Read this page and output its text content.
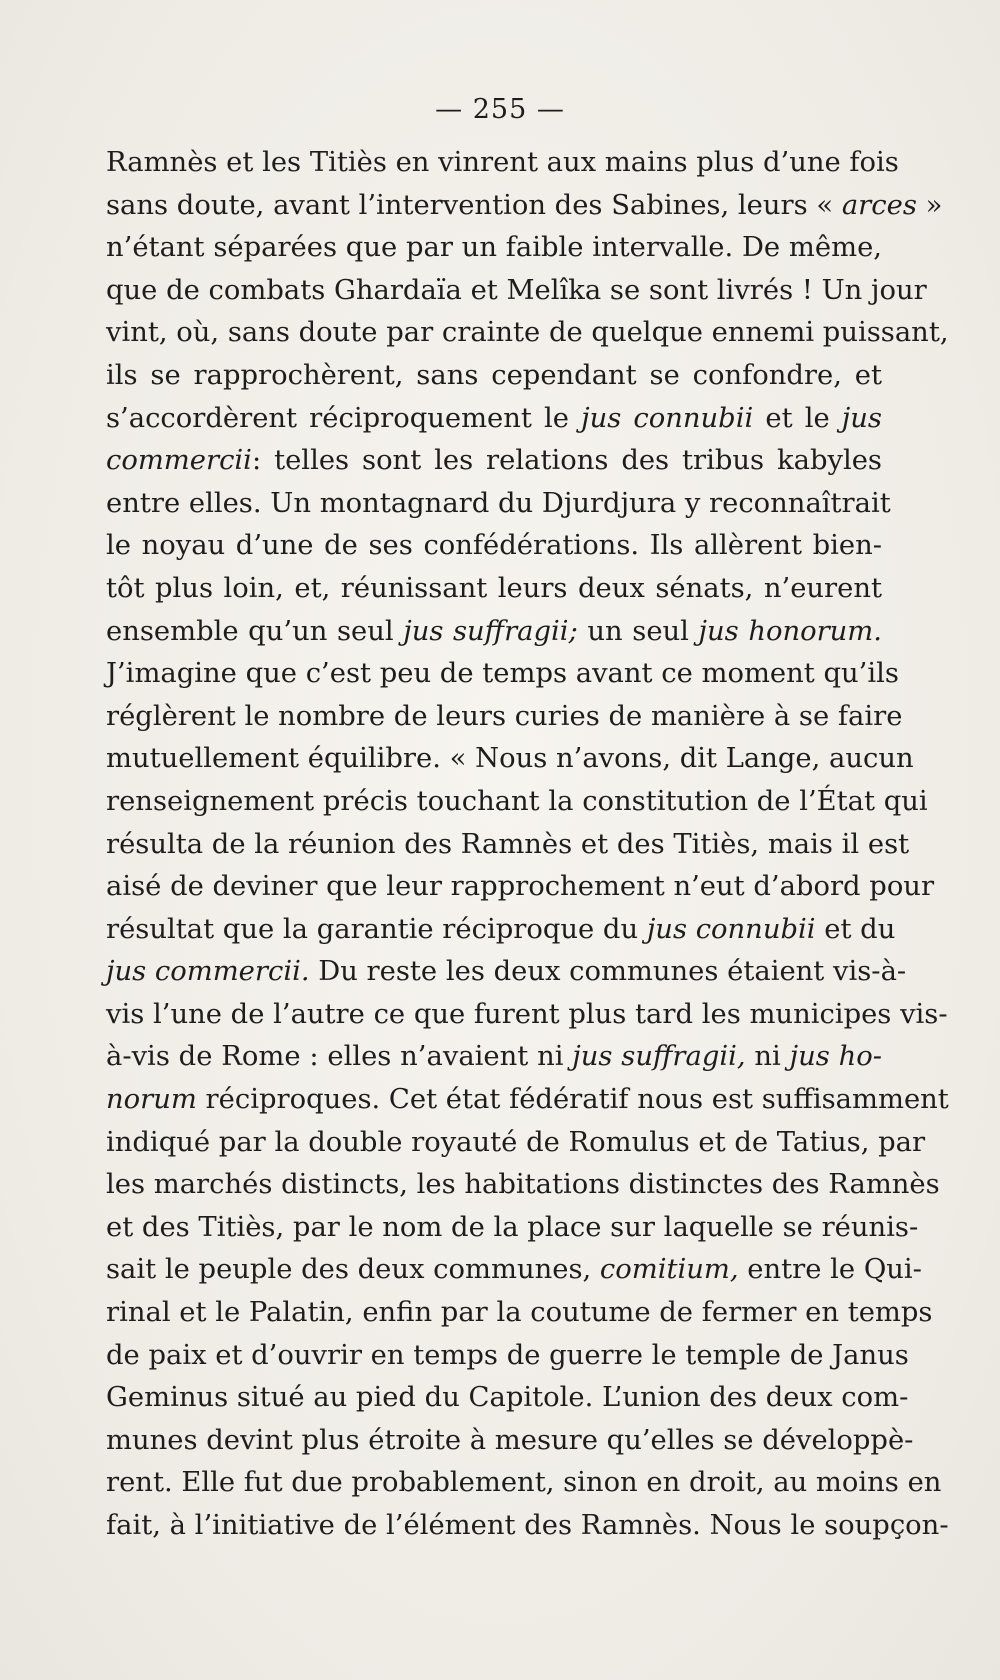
— 255 —
Ramnès et les Titiès en vinrent aux mains plus d’une fois
sans doute, avant l’intervention des Sabines, leurs « arces »
n’étant séparées que par un faible intervalle. De même,
que de combats Ghardaïa et Melîka se sont livrés ! Un jour
vint, où, sans doute par crainte de quelque ennemi puissant,
ils se rapprochèrent, sans cependant se confondre, et
s’accordèrent réciproquement le jus connubii et le jus
commercii: telles sont les relations des tribus kabyles
entre elles. Un montagnard du Djurdjura y reconnaîtrait
le noyau d’une de ses confédérations. Ils allèrent bien-
tôt plus loin, et, réunissant leurs deux sénats, n’eurent
ensemble qu’un seul jus suffragii; un seul jus honorum.
J’imagine que c’est peu de temps avant ce moment qu’ils
réglèrent le nombre de leurs curies de manière à se faire
mutuellement équilibre. « Nous n’avons, dit Lange, aucun
renseignement précis touchant la constitution de l’État qui
résulta de la réunion des Ramnès et des Titiès, mais il est
aisé de deviner que leur rapprochement n’eut d’abord pour
résultat que la garantie réciproque du jus connubii et du
jus commercii. Du reste les deux communes étaient vis-à-
vis l’une de l’autre ce que furent plus tard les municipes vis-
à-vis de Rome : elles n’avaient ni jus suffragii, ni jus ho-
norum réciproques. Cet état fédératif nous est suffisamment
indiqué par la double royauté de Romulus et de Tatius, par
les marchés distincts, les habitations distinctes des Ramnès
et des Titiès, par le nom de la place sur laquelle se réunis-
sait le peuple des deux communes, comitium, entre le Qui-
rinal et le Palatin, enfin par la coutume de fermer en temps
de paix et d’ouvrir en temps de guerre le temple de Janus
Geminus situé au pied du Capitole. L’union des deux com-
munes devint plus étroite à mesure qu’elles se développè-
rent. Elle fut due probablement, sinon en droit, au moins en
fait, à l’initiative de l’élément des Ramnès. Nous le soupçon-
